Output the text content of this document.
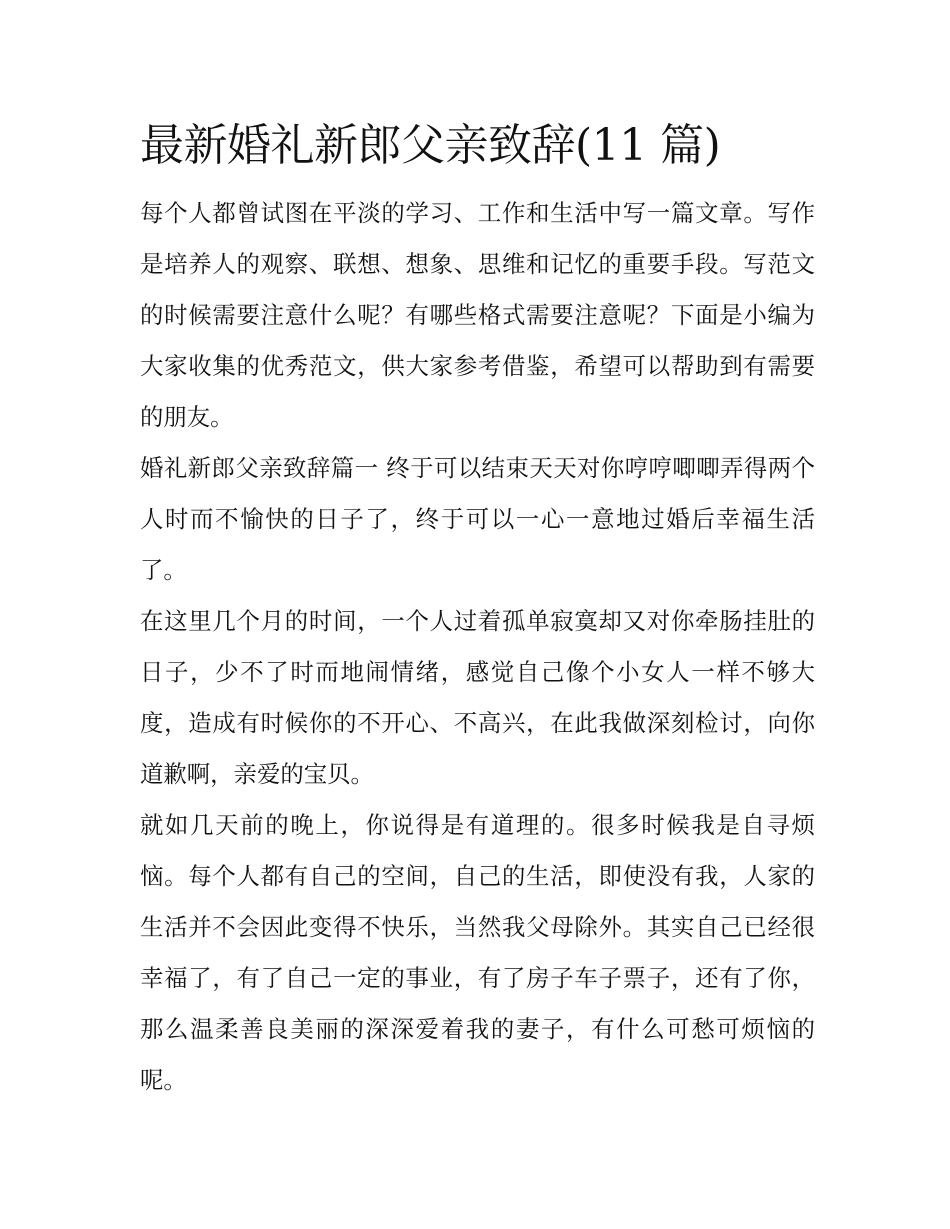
最新婚礼新郎父亲致辞(11 篇)

每个人都曾试图在平淡的学习、工作和生活中写一篇文章。写作是培养人的观察、联想、想象、思维和记忆的重要手段。写范文的时候需要注意什么呢？有哪些格式需要注意呢？下面是小编为大家收集的优秀范文，供大家参考借鉴，希望可以帮助到有需要的朋友。

婚礼新郎父亲致辞篇一 终于可以结束天天对你哼哼唧唧弄得两个人时而不愉快的日子了，终于可以一心一意地过婚后幸福生活了。

在这里几个月的时间，一个人过着孤单寂寞却又对你牵肠挂肚的日子，少不了时而地闹情绪，感觉自己像个小女人一样不够大度，造成有时候你的不开心、不高兴，在此我做深刻检讨，向你道歉啊，亲爱的宝贝。

就如几天前的晚上，你说得是有道理的。很多时候我是自寻烦恼。每个人都有自己的空间，自己的生活，即使没有我，人家的生活并不会因此变得不快乐，当然我父母除外。其实自己已经很幸福了，有了自己一定的事业，有了房子车子票子，还有了你，那么温柔善良美丽的深深爱着我的妻子，有什么可愁可烦恼的呢。
